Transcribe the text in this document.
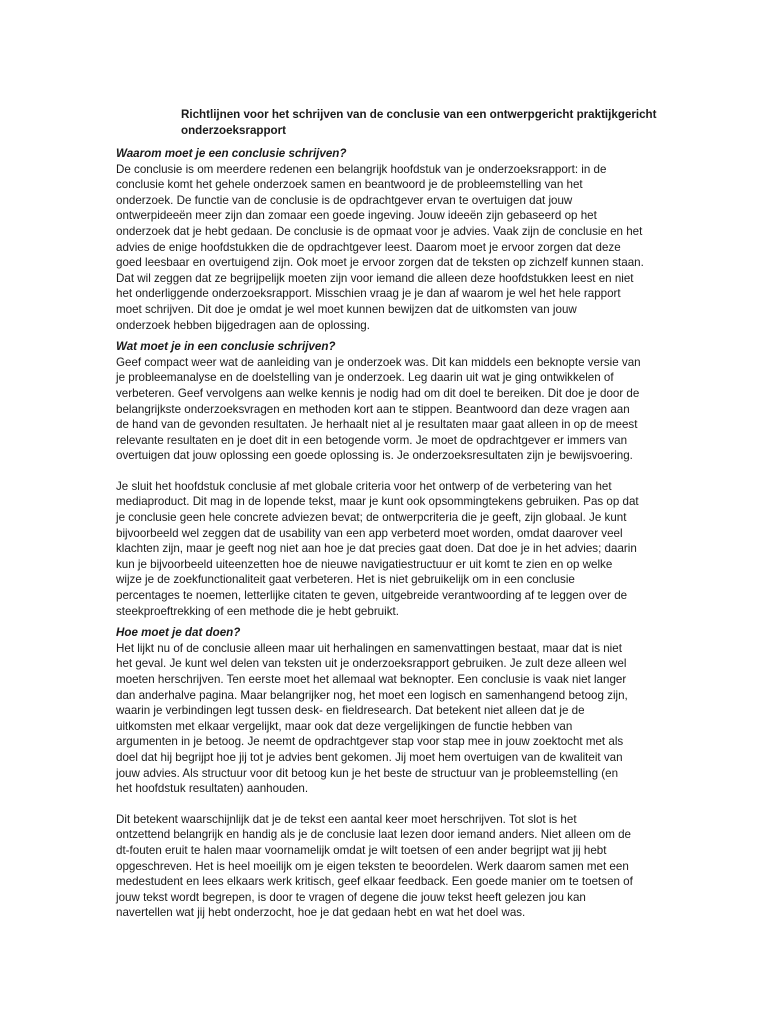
Richtlijnen voor het schrijven van de conclusie van een ontwerpgericht praktijkgericht
onderzoeksrapport
Waarom moet je een conclusie schrijven?
De conclusie is om meerdere redenen een belangrijk hoofdstuk van je onderzoeksrapport: in de
conclusie komt het gehele onderzoek samen en beantwoord je de probleemstelling van het
onderzoek. De functie van de conclusie is de opdrachtgever ervan te overtuigen dat jouw
ontwerpideeën meer zijn dan zomaar een goede ingeving. Jouw ideeën zijn gebaseerd op het
onderzoek dat je hebt gedaan. De conclusie is de opmaat voor je advies. Vaak zijn de conclusie en het
advies de enige hoofdstukken die de opdrachtgever leest. Daarom moet je ervoor zorgen dat deze
goed leesbaar en overtuigend zijn. Ook moet je ervoor zorgen dat de teksten op zichzelf kunnen staan.
Dat wil zeggen dat ze begrijpelijk moeten zijn voor iemand die alleen deze hoofdstukken leest en niet
het onderliggende onderzoeksrapport. Misschien vraag je je dan af waarom je wel het hele rapport
moet schrijven. Dit doe je omdat je wel moet kunnen bewijzen dat de uitkomsten van jouw
onderzoek hebben bijgedragen aan de oplossing.
Wat moet je in een conclusie schrijven?
Geef compact weer wat de aanleiding van je onderzoek was. Dit kan middels een beknopte versie van
je probleemanalyse en de doelstelling van je onderzoek. Leg daarin uit wat je ging ontwikkelen of
verbeteren. Geef vervolgens aan welke kennis je nodig had om dit doel te bereiken. Dit doe je door de
belangrijkste onderzoeksvragen en methoden kort aan te stippen. Beantwoord dan deze vragen aan
de hand van de gevonden resultaten. Je herhaalt niet al je resultaten maar gaat alleen in op de meest
relevante resultaten en je doet dit in een betogende vorm. Je moet de opdrachtgever er immers van
overtuigen dat jouw oplossing een goede oplossing is. Je onderzoeksresultaten zijn je bewijsvoering.
Je sluit het hoofdstuk conclusie af met globale criteria voor het ontwerp of de verbetering van het
mediaproduct. Dit mag in de lopende tekst, maar je kunt ook opsommingtekens gebruiken. Pas op dat
je conclusie geen hele concrete adviezen bevat; de ontwerpcriteria die je geeft, zijn globaal. Je kunt
bijvoorbeeld wel zeggen dat de usability van een app verbeterd moet worden, omdat daarover veel
klachten zijn, maar je geeft nog niet aan hoe je dat precies gaat doen. Dat doe je in het advies; daarin
kun je bijvoorbeeld uiteenzetten hoe de nieuwe navigatiestructuur er uit komt te zien en op welke
wijze je de zoekfunctionaliteit gaat verbeteren. Het is niet gebruikelijk om in een conclusie
percentages te noemen, letterlijke citaten te geven, uitgebreide verantwoording af te leggen over de
steekproeftrekking of een methode die je hebt gebruikt.
Hoe moet je dat doen?
Het lijkt nu of de conclusie alleen maar uit herhalingen en samenvattingen bestaat, maar dat is niet
het geval. Je kunt wel delen van teksten uit je onderzoeksrapport gebruiken. Je zult deze alleen wel
moeten herschrijven. Ten eerste moet het allemaal wat beknopter. Een conclusie is vaak niet langer
dan anderhalve pagina. Maar belangrijker nog, het moet een logisch en samenhangend betoog zijn,
waarin je verbindingen legt tussen desk- en fieldresearch. Dat betekent niet alleen dat je de
uitkomsten met elkaar vergelijkt, maar ook dat deze vergelijkingen de functie hebben van
argumenten in je betoog. Je neemt de opdrachtgever stap voor stap mee in jouw zoektocht met als
doel dat hij begrijpt hoe jij tot je advies bent gekomen. Jij moet hem overtuigen van de kwaliteit van
jouw advies. Als structuur voor dit betoog kun je het beste de structuur van je probleemstelling (en
het hoofdstuk resultaten) aanhouden.
Dit betekent waarschijnlijk dat je de tekst een aantal keer moet herschrijven. Tot slot is het
ontzettend belangrijk en handig als je de conclusie laat lezen door iemand anders. Niet alleen om de
dt-fouten eruit te halen maar voornamelijk omdat je wilt toetsen of een ander begrijpt wat jij hebt
opgeschreven. Het is heel moeilijk om je eigen teksten te beoordelen. Werk daarom samen met een
medestudent en lees elkaars werk kritisch, geef elkaar feedback. Een goede manier om te toetsen of
jouw tekst wordt begrepen, is door te vragen of degene die jouw tekst heeft gelezen jou kan
navertellen wat jij hebt onderzocht, hoe je dat gedaan hebt en wat het doel was.
